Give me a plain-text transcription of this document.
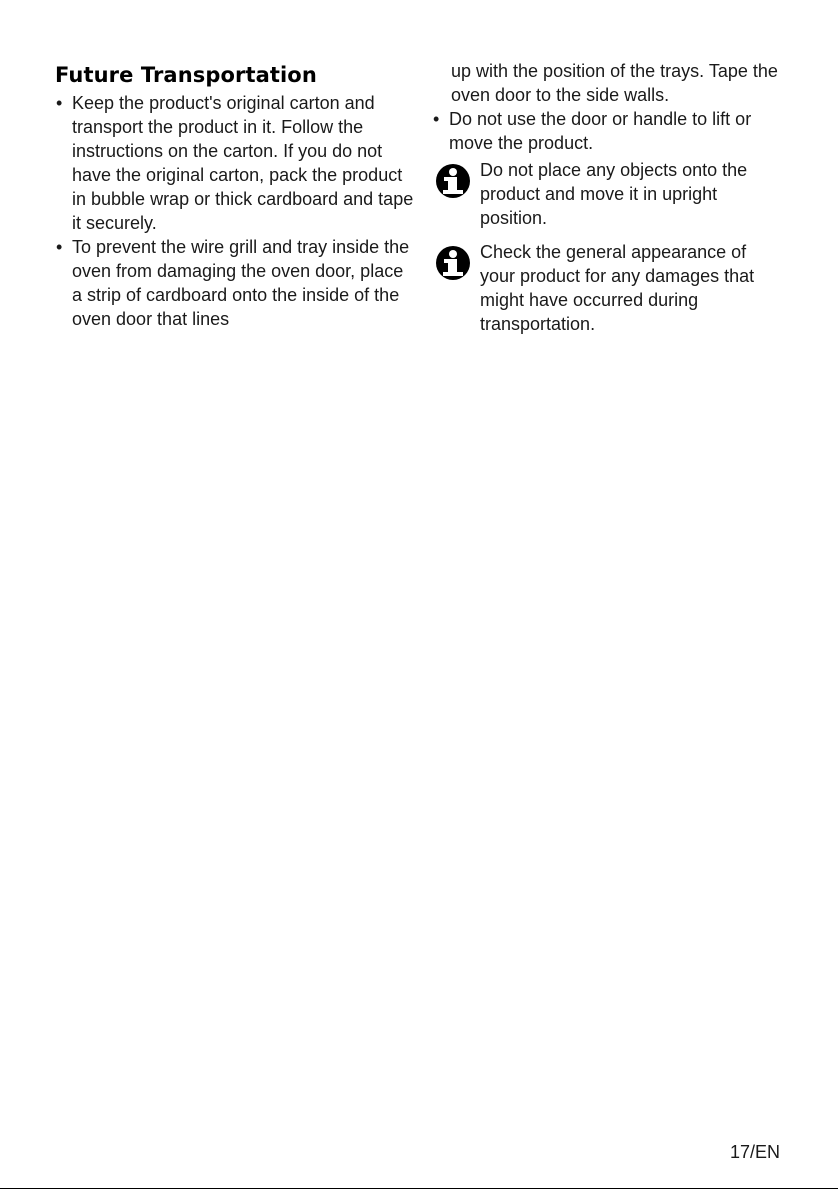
Future Transportation
• Keep the product's original carton and transport the product in it. Follow the instructions on the carton. If you do not have the original carton, pack the product in bubble wrap or thick cardboard and tape it securely.
• To prevent the wire grill and tray inside the oven from damaging the oven door, place a strip of cardboard onto the inside of the oven door that lines
up with the position of the trays. Tape the oven door to the side walls.
• Do not use the door or handle to lift or move the product.
Do not place any objects onto the product and move it in upright position.
Check the general appearance of your product for any damages that might have occurred during transportation.
17/EN
